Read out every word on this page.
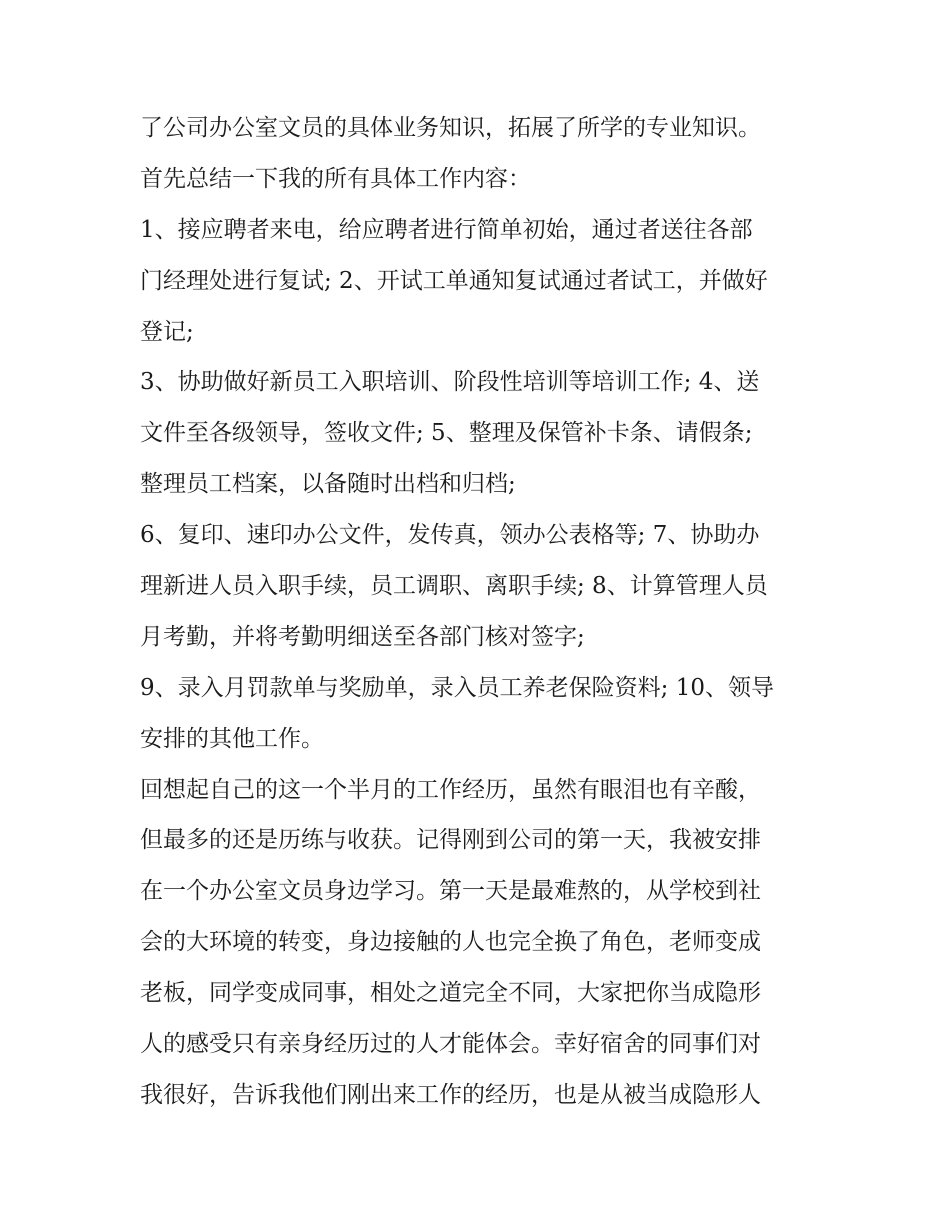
了公司办公室文员的具体业务知识，拓展了所学的专业知识。
首先总结一下我的所有具体工作内容：
1、接应聘者来电，给应聘者进行简单初始，通过者送往各部
门经理处进行复试; 2、开试工单通知复试通过者试工，并做好
登记;
3、协助做好新员工入职培训、阶段性培训等培训工作; 4、送
文件至各级领导，签收文件; 5、整理及保管补卡条、请假条;
整理员工档案，以备随时出档和归档;
6、复印、速印办公文件，发传真，领办公表格等; 7、协助办
理新进人员入职手续，员工调职、离职手续; 8、计算管理人员
月考勤，并将考勤明细送至各部门核对签字;
9、录入月罚款单与奖励单，录入员工养老保险资料; 10、领导
安排的其他工作。
回想起自己的这一个半月的工作经历，虽然有眼泪也有辛酸，
但最多的还是历练与收获。记得刚到公司的第一天，我被安排
在一个办公室文员身边学习。第一天是最难熬的，从学校到社
会的大环境的转变，身边接触的人也完全换了角色，老师变成
老板，同学变成同事，相处之道完全不同，大家把你当成隐形
人的感受只有亲身经历过的人才能体会。幸好宿舍的同事们对
我很好，告诉我他们刚出来工作的经历，也是从被当成隐形人
